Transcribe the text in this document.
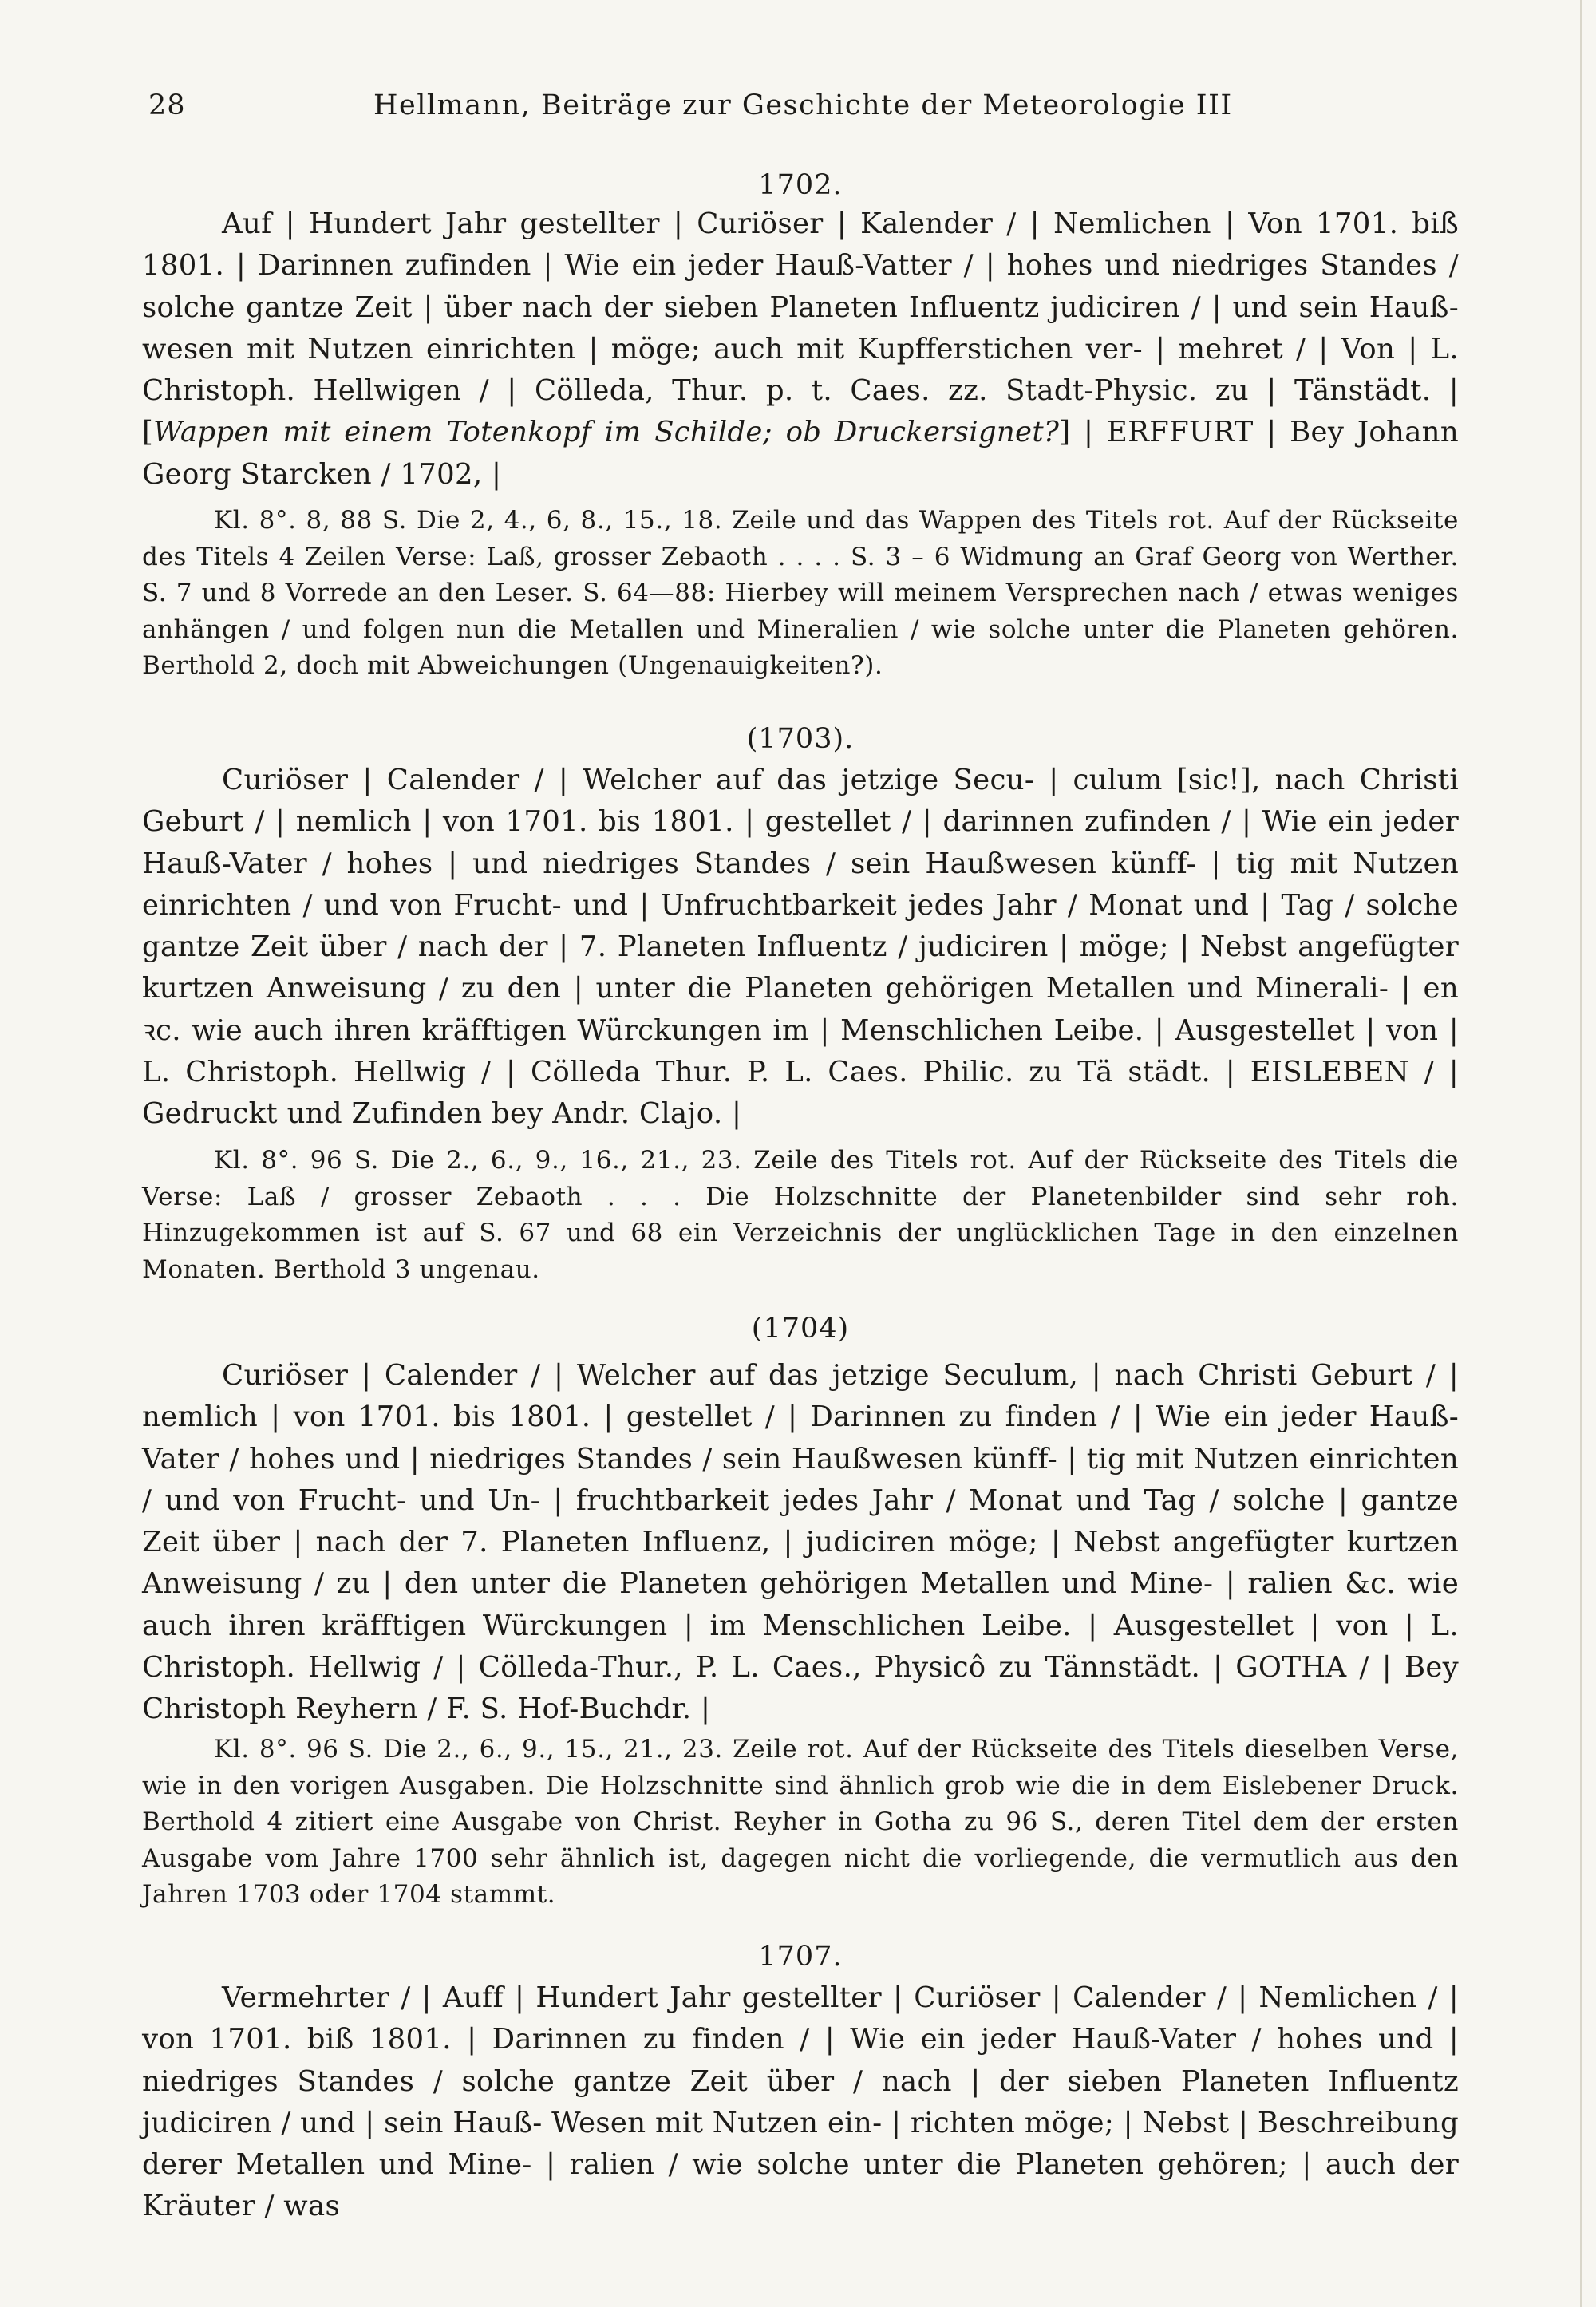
28	Hellmann, Beiträge zur Geschichte der Meteorologie III
1702.
Auf | Hundert Jahr gestellter | Curiöser | Kalender / | Nemlichen | Von 1701. biß 1801. | Darinnen zufinden | Wie ein jeder Hauß-Vatter / | hohes und niedriges Standes / solche gantze Zeit | über nach der sieben Planeten Influentz judiciren / | und sein Hauß-wesen mit Nutzen einrichten | möge; auch mit Kupfferstichen ver- | mehret / | Von | L. Christoph. Hellwigen / | Cölleda, Thur. p. t. Caes. zz. Stadt-Physic. zu | Tänstädt. | [Wappen mit einem Totenkopf im Schilde; ob Druckersignet?] | ERFFURT | Bey Johann Georg Starcken / 1702, |
Kl. 8°. 8, 88 S. Die 2, 4., 6, 8., 15., 18. Zeile und das Wappen des Titels rot. Auf der Rückseite des Titels 4 Zeilen Verse: Laß, grosser Zebaoth . . . . S. 3 – 6 Widmung an Graf Georg von Werther. S. 7 und 8 Vorrede an den Leser. S. 64—88: Hierbey will meinem Versprechen nach / etwas weniges anhängen / und folgen nun die Metallen und Mineralien / wie solche unter die Planeten gehören. Berthold 2, doch mit Abweichungen (Ungenauigkeiten?).
(1703).
Curiöser | Calender / | Welcher auf das jetzige Secu- | culum [sic!], nach Christi Geburt / | nemlich | von 1701. bis 1801. | gestellet / | darinnen zufinden / | Wie ein jeder Hauß-Vater / hohes | und niedriges Standes / sein Haußwesen künff- | tig mit Nutzen einrichten / und von Frucht- und | Unfruchtbarkeit jedes Jahr / Monat und | Tag / solche gantze Zeit über / nach der | 7. Planeten Influentz / judiciren | möge; | Nebst angefügter kurtzen Anweisung / zu den | unter die Planeten gehörigen Metallen und Minerali- | en ꝛc. wie auch ihren kräfftigen Würckungen im | Menschlichen Leibe. | Ausgestellet | von | L. Christoph. Hellwig / | Cölleda Thur. P. L. Caes. Philic. zu Tä städt. | EISLEBEN / | Gedruckt und Zufinden bey Andr. Clajo. |
Kl. 8°. 96 S. Die 2., 6., 9., 16., 21., 23. Zeile des Titels rot. Auf der Rückseite des Titels die Verse: Laß / grosser Zebaoth . . . Die Holzschnitte der Planetenbilder sind sehr roh. Hinzugekommen ist auf S. 67 und 68 ein Verzeichnis der unglücklichen Tage in den einzelnen Monaten. Berthold 3 ungenau.
(1704)
Curiöser | Calender / | Welcher auf das jetzige Seculum, | nach Christi Geburt / | nemlich | von 1701. bis 1801. | gestellet / | Darinnen zu finden / | Wie ein jeder Hauß-Vater / hohes und | niedriges Standes / sein Haußwesen künff- | tig mit Nutzen einrichten / und von Frucht- und Un- | fruchtbarkeit jedes Jahr / Monat und Tag / solche | gantze Zeit über | nach der 7. Planeten Influenz, | judiciren möge; | Nebst angefügter kurtzen Anweisung / zu | den unter die Planeten gehörigen Metallen und Mine- | ralien &c. wie auch ihren kräfftigen Würckungen | im Menschlichen Leibe. | Ausgestellet | von | L. Christoph. Hellwig / | Cölleda-Thur., P. L. Caes., Physicô zu Tännstädt. | GOTHA / | Bey Christoph Reyhern / F. S. Hof-Buchdr. |
Kl. 8°. 96 S. Die 2., 6., 9., 15., 21., 23. Zeile rot. Auf der Rückseite des Titels dieselben Verse, wie in den vorigen Ausgaben. Die Holzschnitte sind ähnlich grob wie die in dem Eislebener Druck. Berthold 4 zitiert eine Ausgabe von Christ. Reyher in Gotha zu 96 S., deren Titel dem der ersten Ausgabe vom Jahre 1700 sehr ähnlich ist, dagegen nicht die vorliegende, die vermutlich aus den Jahren 1703 oder 1704 stammt.
1707.
Vermehrter / | Auff | Hundert Jahr gestellter | Curiöser | Calender / | Nemlichen / | von 1701. biß 1801. | Darinnen zu finden / | Wie ein jeder Hauß-Vater / hohes und | niedriges Standes / solche gantze Zeit über / nach | der sieben Planeten Influentz judiciren / und | sein Hauß- Wesen mit Nutzen ein- | richten möge; | Nebst | Beschreibung derer Metallen und Mine- | ralien / wie solche unter die Planeten gehören; | auch der Kräuter / was
